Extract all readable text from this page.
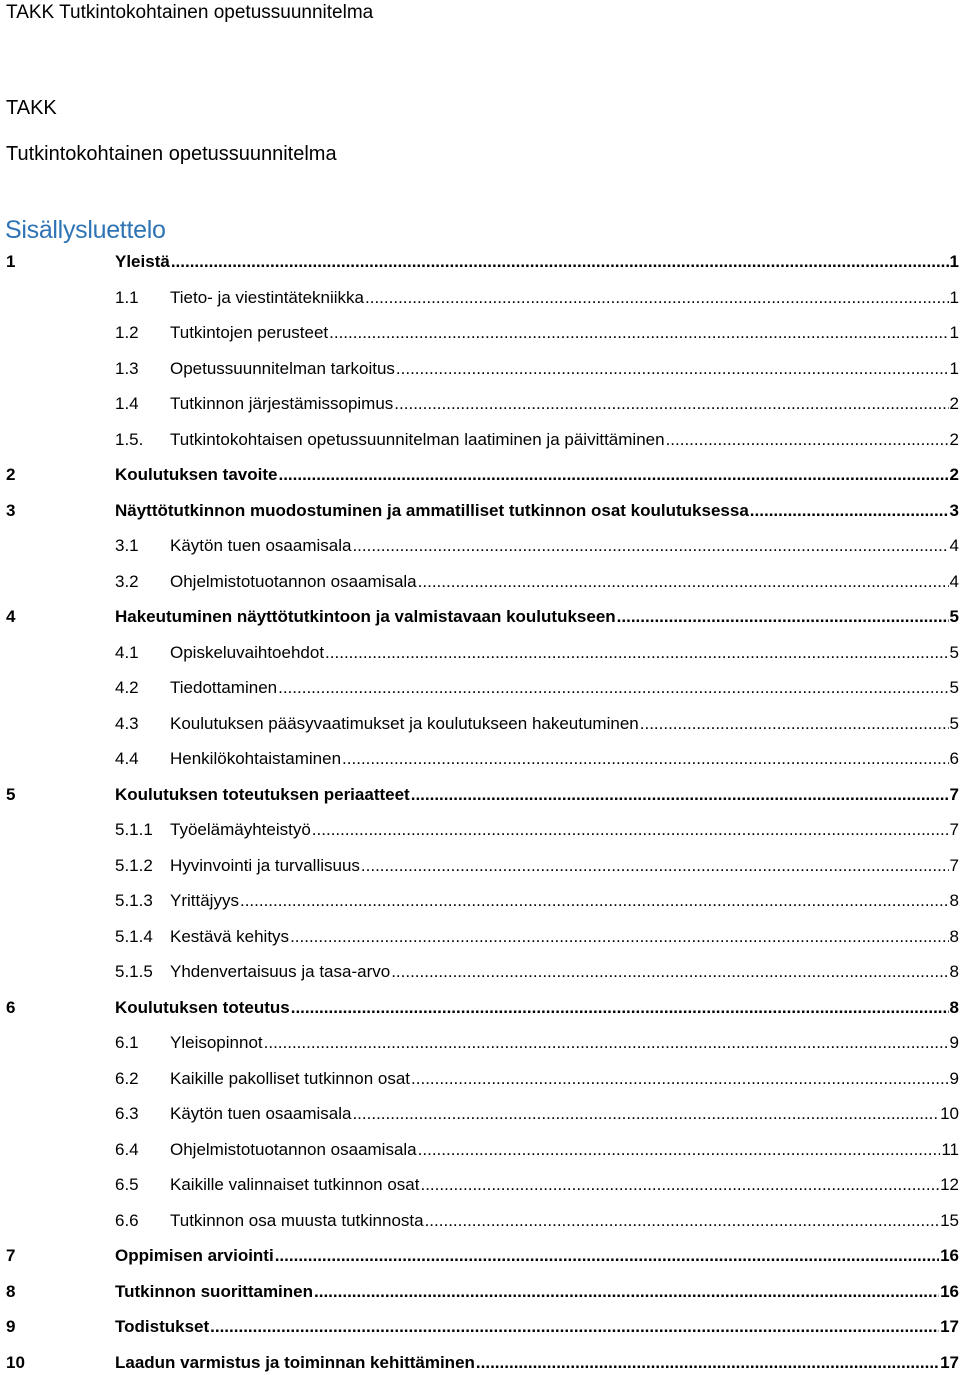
TAKK Tutkintokohtainen opetussuunnitelma
TAKK
Tutkintokohtainen opetussuunnitelma
Sisällysluettelo
1	Yleistä .....	1
1.1 Tieto- ja viestintätekniikka .....	1
1.2 Tutkintojen perusteet .....	1
1.3 Opetussuunnitelman tarkoitus .....	1
1.4 Tutkinnon järjestämissopimus .....	2
1.5. Tutkintokohtaisen opetussuunnitelman laatiminen ja päivittäminen .....	2
2	Koulutuksen tavoite .....	2
3	Näyttötutkinnon muodostuminen ja ammatilliset tutkinnon osat koulutuksessa .....	3
3.1 Käytön tuen osaamisala .....	4
3.2 Ohjelmistotuotannon osaamisala .....	4
4	Hakeutuminen näyttötutkintoon ja valmistavaan koulutukseen .....	5
4.1 Opiskeluvaihtoehdot .....	5
4.2 Tiedottaminen .....	5
4.3 Koulutuksen pääsyvaatimukset ja koulutukseen hakeutuminen .....	5
4.4 Henkilökohtaistaminen .....	6
5	Koulutuksen toteutuksen periaatteet .....	7
5.1.1 Työelämäyhteistyö .....	7
5.1.2 Hyvinvointi ja turvallisuus .....	7
5.1.3 Yrittäjyys .....	8
5.1.4 Kestävä kehitys .....	8
5.1.5 Yhdenvertaisuus ja tasa-arvo .....	8
6	Koulutuksen toteutus .....	8
6.1 Yleisopinnot .....	9
6.2 Kaikille pakolliset tutkinnon osat .....	9
6.3 Käytön tuen osaamisala .....	10
6.4 Ohjelmistotuotannon osaamisala .....	11
6.5 Kaikille valinnaiset tutkinnon osat .....	12
6.6 Tutkinnon osa muusta tutkinnosta .....	15
7	Oppimisen arviointi .....	16
8	Tutkinnon suorittaminen .....	16
9	Todistukset .....	17
10	Laadun varmistus ja toiminnan kehittäminen .....	17
